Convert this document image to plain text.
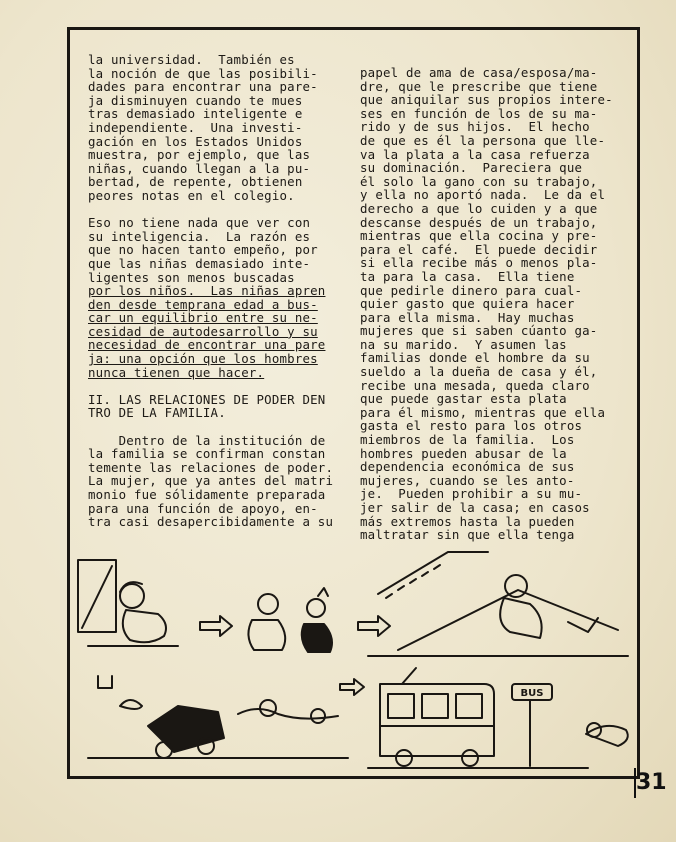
la universidad.  También es

la noción de que las posibili-

dades para encontrar una pare-

ja disminuyen cuando te mues

tras demasiado inteligente e

independiente.  Una investi-

gación en los Estados Unidos

muestra, por ejemplo, que las

niñas, cuando llegan a la pu-

bertad, de repente, obtienen

peores notas en el colegio.

Eso no tiene nada que ver con

su inteligencia.  La razón es

que no hacen tanto empeño, por

que las niñas demasiado inte-

ligentes son menos buscadas

por los niños.  Las niñas apren

den desde temprana edad a bus-

car un equilibrio entre su ne-

cesidad de autodesarrollo y su

necesidad de encontrar una pare

ja: una opción que los hombres

nunca tienen que hacer.

II. LAS RELACIONES DE PODER DEN

TRO DE LA FAMILIA.

Dentro de la institución de

la familia se confirman constan

temente las relaciones de poder.

La mujer, que ya antes del matri

monio fue sólidamente preparada

para una función de apoyo, en-

tra casi desapercibidamente a su

papel de ama de casa/esposa/ma-

dre, que le prescribe que tiene

que aniquilar sus propios intere-

ses en función de los de su ma-

rido y de sus hijos.  El hecho

de que es él la persona que lle-

va la plata a la casa refuerza

su dominación.  Pareciera que

él solo la gano con su trabajo,

y ella no aportó nada.  Le da el

derecho a que lo cuiden y a que

descanse después de un trabajo,

mientras que ella cocina y pre-

para el café.  El puede decidir

si ella recibe más o menos pla-

ta para la casa.  Ella tiene

que pedirle dinero para cual-

quier gasto que quiera hacer

para ella misma.  Hay muchas

mujeres que si saben cúanto ga-

na su marido.  Y asumen las

familias donde el hombre da su

sueldo a la dueña de casa y él,

recibe una mesada, queda claro

que puede gastar esta plata

para él mismo, mientras que ella

gasta el resto para los otros

miembros de la familia.  Los

hombres pueden abusar de la

dependencia económica de sus

mujeres, cuando se les anto-

je.  Pueden prohibir a su mu-

jer salir de la casa; en casos

más extremos hasta la pueden

maltratar sin que ella tenga

BUS
31
